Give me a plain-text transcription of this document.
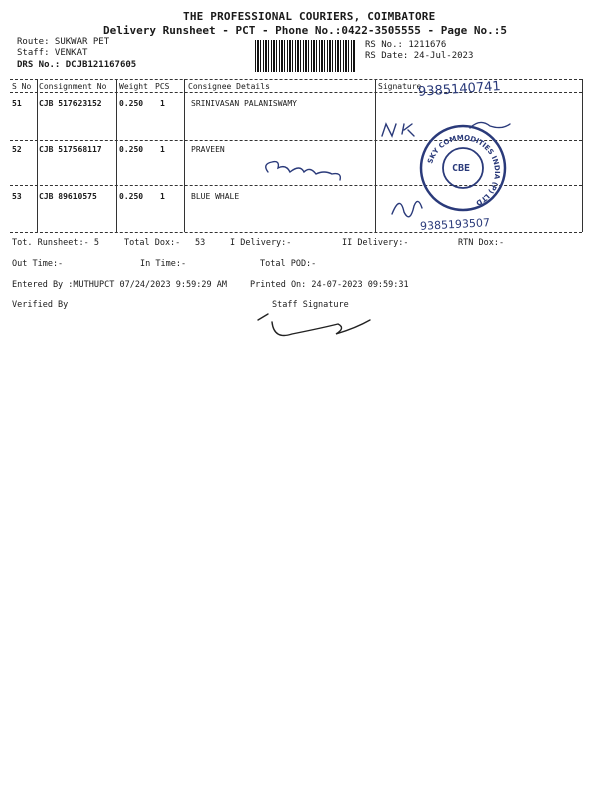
THE PROFESSIONAL COURIERS, COIMBATORE
Delivery Runsheet - PCT - Phone No.:0422-3505555 - Page No.:5
Route: SUKWAR PET
Staff: VENKAT
DRS No.: DCJB121167605
RS No.: 1211676
RS Date: 24-Jul-2023
S No Consignment No Weight PCS Consignee Details	Signature
51 CJB 517623152 0.250 1	SRINIVASAN PALANISWAMY
52 CJB 517568117 0.250 1	PRAVEEN
53 CJB 89610575	0.250 1	BLUE WHALE
CBE
SKY COMMODITIES INDIA (P) LTD
9385140741
9385193507
Tot. Runsheet:- 5	Total Dox:- 53	I Delivery:-	II Delivery:-	RTN Dox:-
Out Time:-	In Time:-	Total POD:-
Entered By :MUTHUPCT 07/24/2023 9:59:29 AM	Printed On: 24-07-2023 09:59:31
Verified By	Staff Signature
